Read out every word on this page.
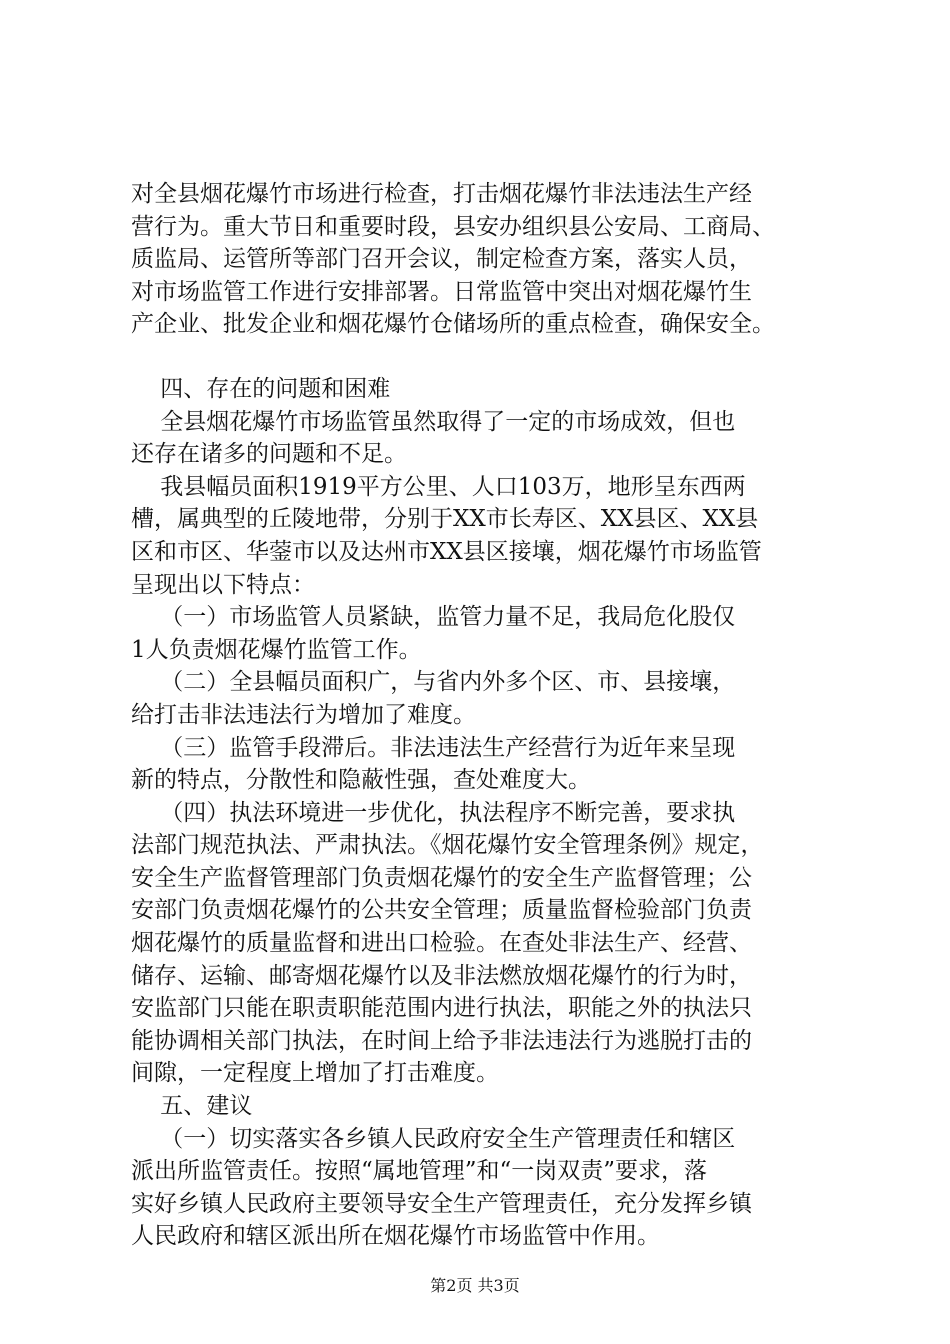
对全县烟花爆竹市场进行检查，打击烟花爆竹非法违法生产经

营行为。重大节日和重要时段，县安办组织县公安局、工商局、

质监局、运管所等部门召开会议，制定检查方案，落实人员，

对市场监管工作进行安排部署。日常监管中突出对烟花爆竹生

产企业、批发企业和烟花爆竹仓储场所的重点检查，确保安全。

四、存在的问题和困难

全县烟花爆竹市场监管虽然取得了一定的市场成效，但也

还存在诸多的问题和不足。

我县幅员面积1919平方公里、人口103万，地形呈东西两

槽，属典型的丘陵地带，分别于XX市长寿区、XX县区、XX县

区和市区、华蓥市以及达州市XX县区接壤，烟花爆竹市场监管

呈现出以下特点：

（一）市场监管人员紧缺，监管力量不足，我局危化股仅

1人负责烟花爆竹监管工作。

（二）全县幅员面积广，与省内外多个区、市、县接壤，

给打击非法违法行为增加了难度。

（三）监管手段滞后。非法违法生产经营行为近年来呈现

新的特点，分散性和隐蔽性强，查处难度大。

（四）执法环境进一步优化，执法程序不断完善，要求执

法部门规范执法、严肃执法。《烟花爆竹安全管理条例》规定，

安全生产监督管理部门负责烟花爆竹的安全生产监督管理；公

安部门负责烟花爆竹的公共安全管理；质量监督检验部门负责

烟花爆竹的质量监督和进出口检验。在查处非法生产、经营、

储存、运输、邮寄烟花爆竹以及非法燃放烟花爆竹的行为时，

安监部门只能在职责职能范围内进行执法，职能之外的执法只

能协调相关部门执法，在时间上给予非法违法行为逃脱打击的

间隙，一定程度上增加了打击难度。

五、建议

（一）切实落实各乡镇人民政府安全生产管理责任和辖区

派出所监管责任。按照“属地管理”和“一岗双责”要求，落

实好乡镇人民政府主要领导安全生产管理责任，充分发挥乡镇

人民政府和辖区派出所在烟花爆竹市场监管中作用。

第2页 共3页
